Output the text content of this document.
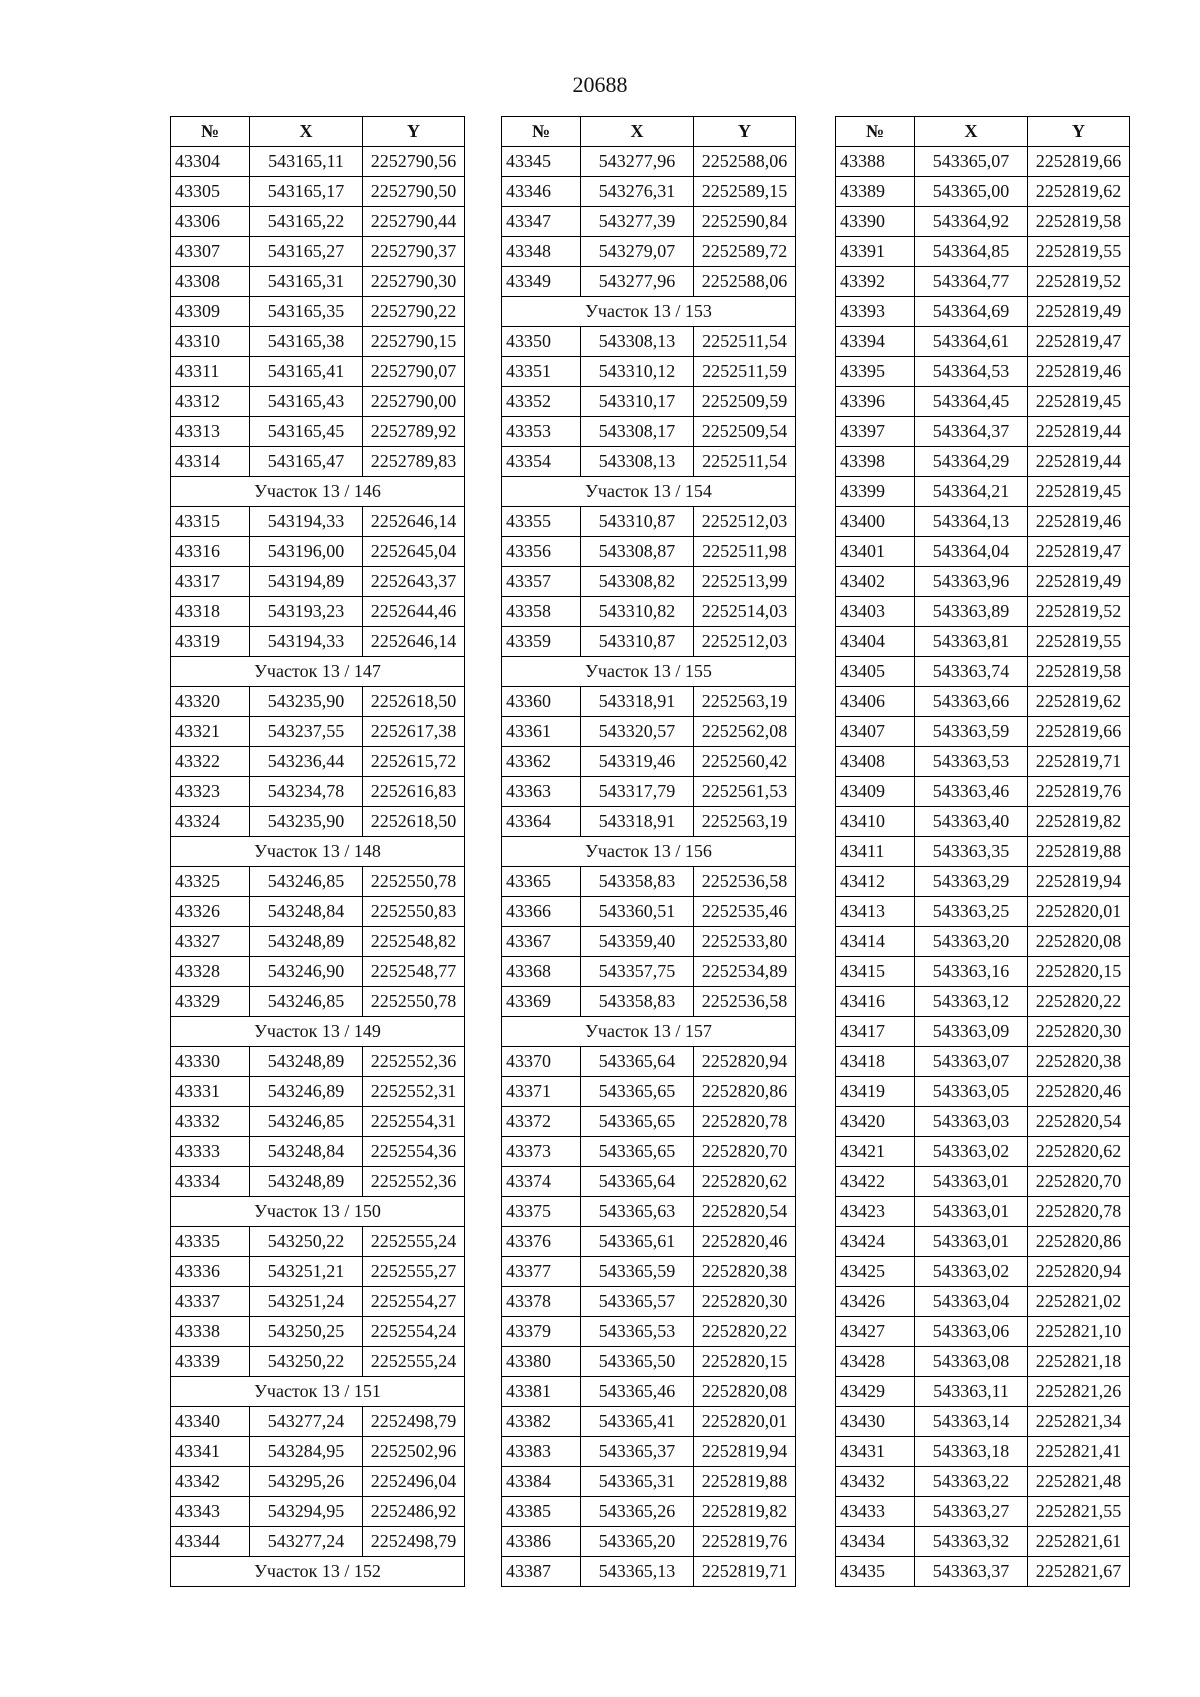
20688
№	X	Y
43304	543165,11	2252790,56
43305	543165,17	2252790,50
43306	543165,22	2252790,44
43307	543165,27	2252790,37
43308	543165,31	2252790,30
43309	543165,35	2252790,22
43310	543165,38	2252790,15
43311	543165,41	2252790,07
43312	543165,43	2252790,00
43313	543165,45	2252789,92
43314	543165,47	2252789,83
Участок 13 / 146		
43315	543194,33	2252646,14
43316	543196,00	2252645,04
43317	543194,89	2252643,37
43318	543193,23	2252644,46
43319	543194,33	2252646,14
Участок 13 / 147		
43320	543235,90	2252618,50
43321	543237,55	2252617,38
43322	543236,44	2252615,72
43323	543234,78	2252616,83
43324	543235,90	2252618,50
Участок 13 / 148		
43325	543246,85	2252550,78
43326	543248,84	2252550,83
43327	543248,89	2252548,82
43328	543246,90	2252548,77
43329	543246,85	2252550,78
Участок 13 / 149		
43330	543248,89	2252552,36
43331	543246,89	2252552,31
43332	543246,85	2252554,31
43333	543248,84	2252554,36
43334	543248,89	2252552,36
Участок 13 / 150		
43335	543250,22	2252555,24
43336	543251,21	2252555,27
43337	543251,24	2252554,27
43338	543250,25	2252554,24
43339	543250,22	2252555,24
Участок 13 / 151		
43340	543277,24	2252498,79
43341	543284,95	2252502,96
43342	543295,26	2252496,04
43343	543294,95	2252486,92
43344	543277,24	2252498,79
Участок 13 / 152		
№	X	Y
43345	543277,96	2252588,06
43346	543276,31	2252589,15
43347	543277,39	2252590,84
43348	543279,07	2252589,72
43349	543277,96	2252588,06
Участок 13 / 153		
43350	543308,13	2252511,54
43351	543310,12	2252511,59
43352	543310,17	2252509,59
43353	543308,17	2252509,54
43354	543308,13	2252511,54
Участок 13 / 154		
43355	543310,87	2252512,03
43356	543308,87	2252511,98
43357	543308,82	2252513,99
43358	543310,82	2252514,03
43359	543310,87	2252512,03
Участок 13 / 155		
43360	543318,91	2252563,19
43361	543320,57	2252562,08
43362	543319,46	2252560,42
43363	543317,79	2252561,53
43364	543318,91	2252563,19
Участок 13 / 156		
43365	543358,83	2252536,58
43366	543360,51	2252535,46
43367	543359,40	2252533,80
43368	543357,75	2252534,89
43369	543358,83	2252536,58
Участок 13 / 157		
43370	543365,64	2252820,94
43371	543365,65	2252820,86
43372	543365,65	2252820,78
43373	543365,65	2252820,70
43374	543365,64	2252820,62
43375	543365,63	2252820,54
43376	543365,61	2252820,46
43377	543365,59	2252820,38
43378	543365,57	2252820,30
43379	543365,53	2252820,22
43380	543365,50	2252820,15
43381	543365,46	2252820,08
43382	543365,41	2252820,01
43383	543365,37	2252819,94
43384	543365,31	2252819,88
43385	543365,26	2252819,82
43386	543365,20	2252819,76
43387	543365,13	2252819,71
№	X	Y
43388	543365,07	2252819,66
43389	543365,00	2252819,62
43390	543364,92	2252819,58
43391	543364,85	2252819,55
43392	543364,77	2252819,52
43393	543364,69	2252819,49
43394	543364,61	2252819,47
43395	543364,53	2252819,46
43396	543364,45	2252819,45
43397	543364,37	2252819,44
43398	543364,29	2252819,44
43399	543364,21	2252819,45
43400	543364,13	2252819,46
43401	543364,04	2252819,47
43402	543363,96	2252819,49
43403	543363,89	2252819,52
43404	543363,81	2252819,55
43405	543363,74	2252819,58
43406	543363,66	2252819,62
43407	543363,59	2252819,66
43408	543363,53	2252819,71
43409	543363,46	2252819,76
43410	543363,40	2252819,82
43411	543363,35	2252819,88
43412	543363,29	2252819,94
43413	543363,25	2252820,01
43414	543363,20	2252820,08
43415	543363,16	2252820,15
43416	543363,12	2252820,22
43417	543363,09	2252820,30
43418	543363,07	2252820,38
43419	543363,05	2252820,46
43420	543363,03	2252820,54
43421	543363,02	2252820,62
43422	543363,01	2252820,70
43423	543363,01	2252820,78
43424	543363,01	2252820,86
43425	543363,02	2252820,94
43426	543363,04	2252821,02
43427	543363,06	2252821,10
43428	543363,08	2252821,18
43429	543363,11	2252821,26
43430	543363,14	2252821,34
43431	543363,18	2252821,41
43432	543363,22	2252821,48
43433	543363,27	2252821,55
43434	543363,32	2252821,61
43435	543363,37	2252821,67
